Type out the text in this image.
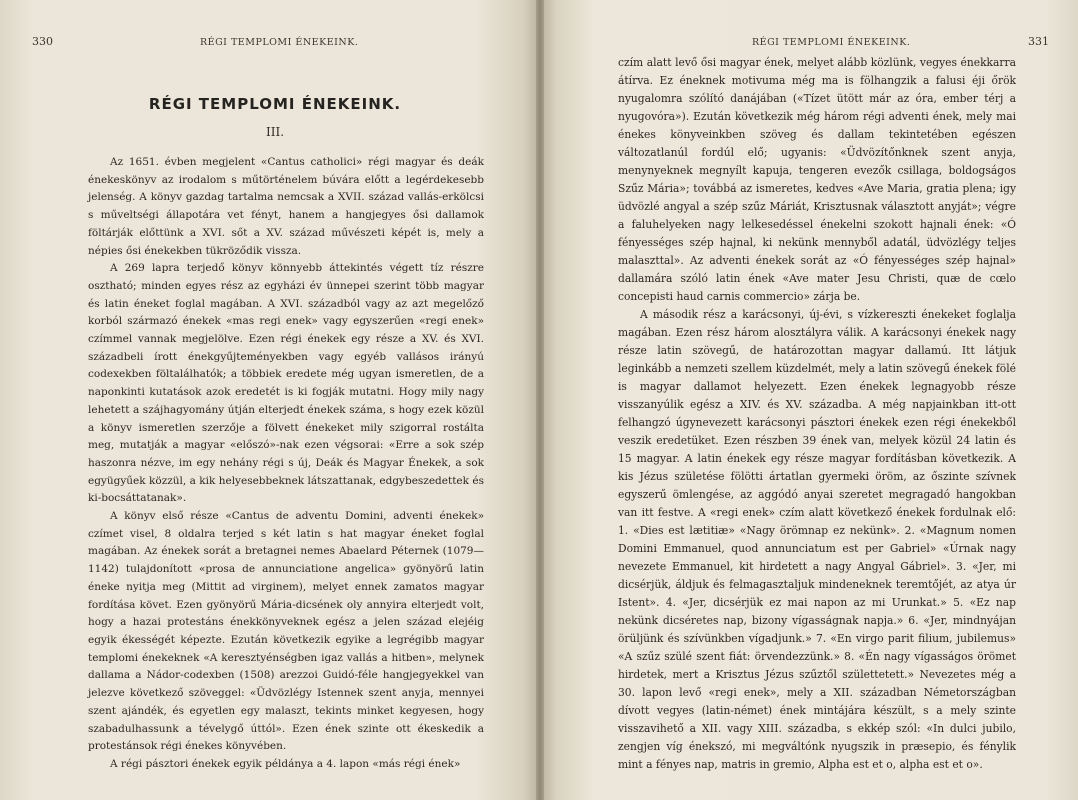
330	RÉGI TEMPLOMI ÉNEKEINK.
RÉGI TEMPLOMI ÉNEKEINK.
III.

Az 1651. évben megjelent «Cantus catholici» régi magyar és deák énekeskönyv az irodalom s műtörténelem búvára előtt a legérdekesebb jelenség. A könyv gazdag tartalma nemcsak a XVII. század vallás-erkölcsi s műveltségi állapotára vet fényt, hanem a hangjegyes ősi dallamok föltárják előttünk a XVI. sőt a XV. század művészeti képét is, mely a népies ősi énekekben tükröződik vissza.

A 269 lapra terjedő könyv könnyebb áttekintés végett tíz részre osztható; minden egyes rész az egyházi év ünnepei szerint több magyar és latin éneket foglal magában. A XVI. századból vagy az azt megelőző korból származó énekek «mas regi enek» vagy egyszerűen «regi enek» czímmel vannak megjelölve. Ezen régi énekek egy része a XV. és XVI. századbeli írott énekgyűjteményekben vagy egyéb vallásos irányú codexekben föltalálhatók; a többiek eredete még ugyan ismeretlen, de a naponkinti kutatások azok eredetét is ki fogják mutatni. Hogy mily nagy lehetett a szájhagyomány útján elterjedt énekek száma, s hogy ezek közül a könyv ismeretlen szerzője a fölvett énekeket mily szigorral rostálta meg, mutatják a magyar «előszó»-nak ezen végsorai: «Erre a sok szép haszonra nézve, im egy nehány régi s új, Deák és Magyar Énekek, a sok együgyűek közzül, a kik helyesebbeknek látszattanak, edgybeszedettek és ki-bocsáttatanak».

A könyv első része «Cantus de adventu Domini, adventi énekek» czímet visel, 8 oldalra terjed s két latin s hat magyar éneket foglal magában. Az énekek sorát a bretagnei nemes Abaelard Péternek (1079—1142) tulajdonított «prosa de annunciatione angelica» gyönyörű latin éneke nyitja meg (Mittit ad virginem), melyet ennek zamatos magyar fordítása követ. Ezen gyönyörű Mária-dicsének oly annyira elterjedt volt, hogy a hazai protestáns énekkönyveknek egész a jelen század elejéig egyik ékességét képezte. Ezután következik egyike a legrégibb magyar templomi énekeknek «A keresztyénségben igaz vallás a hitben», melynek dallama a Nádor-codexben (1508) arezzoi Guidó-féle hangjegyekkel van jelezve következő szöveggel: «Üdvözlégy Istennek szent anyja, mennyei szent ajándék, és egyetlen egy malaszt, tekints minket kegyesen, hogy szabadulhassunk a tévelygő úttól». Ezen ének szinte ott ékeskedik a protestánsok régi énekes könyvében.

A régi pásztori énekek egyik példánya a 4. lapon «más régi ének»

RÉGI TEMPLOMI ÉNEKEINK.	331

czím alatt levő ősi magyar ének, melyet alább közlünk, vegyes énekkarra átírva. Ez éneknek motivuma még ma is fölhangzik a falusi éji őrök nyugalomra szólító danájában («Tízet ütött már az óra, ember térj a nyugovóra»). Ezután következik még három régi adventi ének, mely mai énekes könyveinkben szöveg és dallam tekintetében egészen változatlanúl fordúl elő; ugyanis: «Üdvözítőnknek szent anyja, menynyeknek megnyílt kapuja, tengeren evezők csillaga, boldogságos Szűz Mária»; továbbá az ismeretes, kedves «Ave Maria, gratia plena; igy üdvözlé angyal a szép szűz Máriát, Krisztusnak választott anyját»; végre a faluhelyeken nagy lelkesedéssel énekelni szokott hajnali ének: «Ó fényességes szép hajnal, ki nekünk mennyből adatál, üdvözlégy teljes malaszttal». Az adventi énekek sorát az «Ó fényességes szép hajnal» dallamára szóló latin ének «Ave mater Jesu Christi, quæ de cœlo concepisti haud carnis commercio» zárja be.

A második rész a karácsonyi, új-évi, s vízkereszti énekeket foglalja magában. Ezen rész három alosztályra válik. A karácsonyi énekek nagy része latin szövegű, de határozottan magyar dallamú. Itt látjuk leginkább a nemzeti szellem küzdelmét, mely a latin szövegű énekek fölé is magyar dallamot helyezett. Ezen énekek legnagyobb része visszanyúlik egész a XIV. és XV. századba. A még napjainkban itt-ott felhangzó úgynevezett karácsonyi pásztori énekek ezen régi énekekből veszik eredetüket. Ezen részben 39 ének van, melyek közül 24 latin és 15 magyar. A latin énekek egy része magyar fordításban következik. A kis Jézus születése fölötti ártatlan gyermeki öröm, az őszinte szívnek egyszerű ömlengése, az aggódó anyai szeretet megragadó hangokban van itt festve. A «regi enek» czím alatt következő énekek fordulnak elő: 1. «Dies est lætitiæ» «Nagy örömnap ez nekünk». 2. «Magnum nomen Domini Emmanuel, quod annunciatum est per Gabriel» «Úrnak nagy nevezete Emmanuel, kit hirdetett a nagy Angyal Gábriel». 3. «Jer, mi dicsérjük, áldjuk és felmagasztaljuk mindeneknek teremtőjét, az atya úr Istent». 4. «Jer, dicsérjük ez mai napon az mi Urunkat.» 5. «Ez nap nekünk dicséretes nap, bizony vígasságnak napja.» 6. «Jer, mindnyájan örüljünk és szívünkben vígadjunk.» 7. «En virgo parit filium, jubilemus» «A szűz szülé szent fiát: örvendezzünk.» 8. «Én nagy vígasságos örömet hirdetek, mert a Krisztus Jézus szűztől születtetett.» Nevezetes még a 30. lapon levő «regi enek», mely a XII. században Németországban dívott vegyes (latin-német) ének mintájára készült, s a mely szinte visszavihető a XII. vagy XIII. századba, s ekkép szól: «In dulci jubilo, zengjen víg énekszó, mi megváltónk nyugszik in præsepio, és fénylik mint a fényes nap, matris in gremio, Alpha est et o, alpha est et o».
